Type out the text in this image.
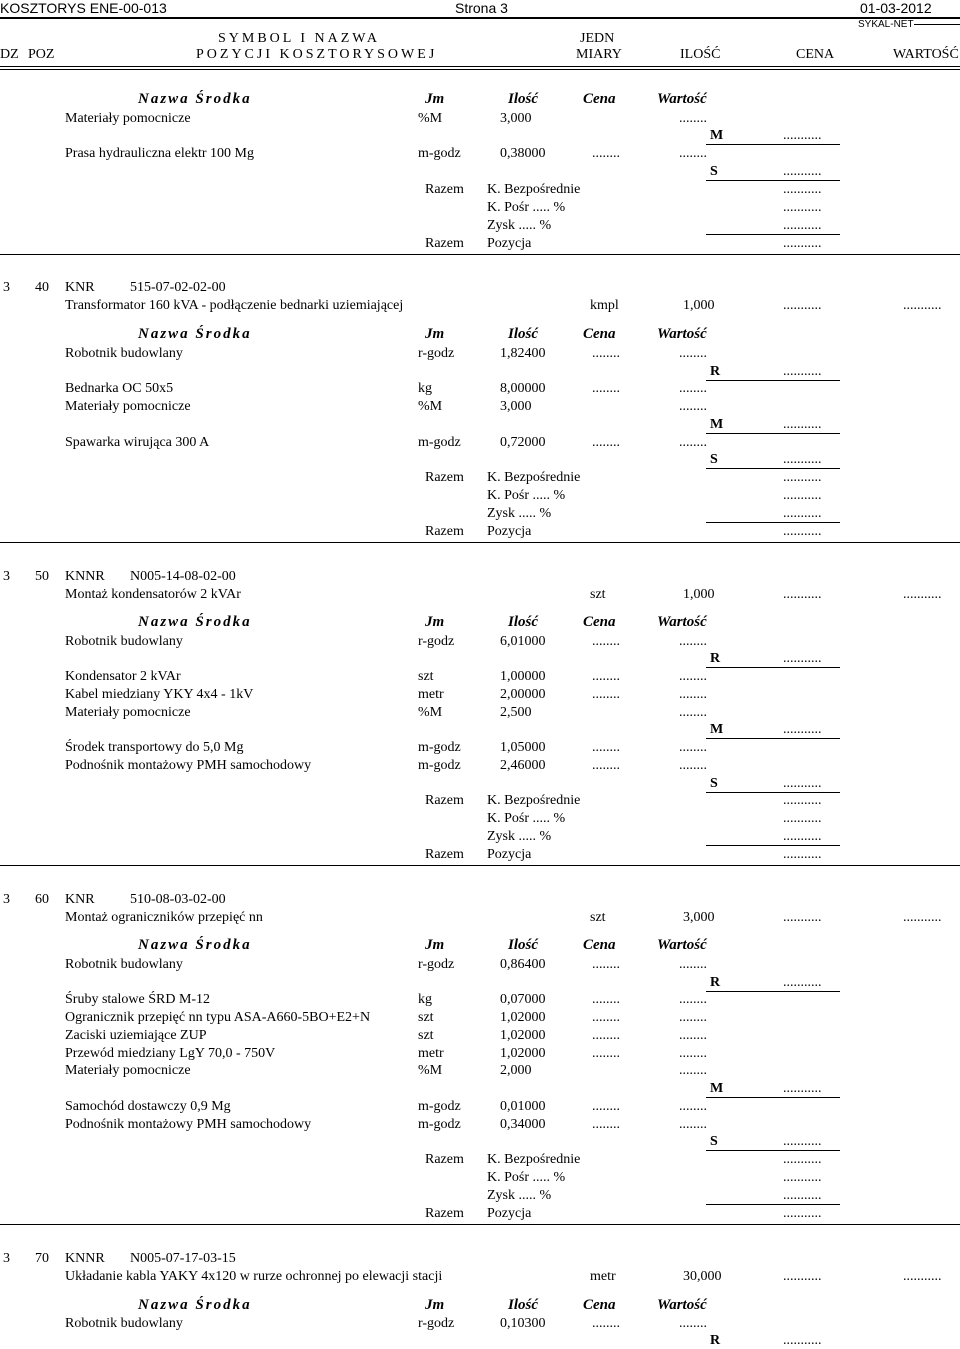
KOSZTORYS ENE-00-013	Strona 3	01-03-2012
SYKAL-NET
SYMBOL I NAZWA	JEDN
DZ POZ	POZYCJI KOSZTORYSOWEJ	MIARY	ILOŚĆ	CENA	WARTOŚĆ
Nazwa Środka	Jm	Ilość	Cena	Wartość
Materiały pomocnicze	%M	3,000	........
M	...........
Prasa hydrauliczna elektr 100 Mg	m-godz	0,38000	........	........
S	...........
Razem K. Bezpośrednie	...........
K. Pośr ..... %	...........
Zysk ..... %	...........
Razem Pozycja	...........
3 40 KNR	515-07-02-02-00
Transformator 160 kVA - podłączenie bednarki uziemiającej	kmpl	1,000	...........	...........
Nazwa Środka	Jm	Ilość	Cena	Wartość
Robotnik budowlany	r-godz	1,82400	........	........
R	...........
Bednarka OC 50x5	kg	8,00000	........	........
Materiały pomocnicze	%M	3,000	........
M	...........
Spawarka wirująca 300 A	m-godz	0,72000	........	........
S	...........
Razem K. Bezpośrednie	...........
K. Pośr ..... %	...........
Zysk ..... %	...........
Razem Pozycja	...........
3 50 KNNR N005-14-08-02-00
Montaż kondensatorów 2 kVAr	szt	1,000	...........	...........
Nazwa Środka	Jm	Ilość	Cena	Wartość
Robotnik budowlany	r-godz	6,01000	........	........
R	...........
Kondensator 2 kVAr	szt	1,00000	........	........
Kabel miedziany YKY 4x4 - 1kV	metr	2,00000	........	........
Materiały pomocnicze	%M	2,500	........
M	...........
Środek transportowy do 5,0 Mg	m-godz	1,05000	........	........
Podnośnik montażowy PMH samochodowy	m-godz	2,46000	........	........
S	...........
Razem K. Bezpośrednie	...........
K. Pośr ..... %	...........
Zysk ..... %	...........
Razem Pozycja	...........
3 60 KNR	510-08-03-02-00
Montaż ograniczników przepięć nn	szt	3,000	...........	...........
Nazwa Środka	Jm	Ilość	Cena	Wartość
Robotnik budowlany	r-godz	0,86400	........	........
R	...........
Śruby stalowe ŚRD M-12	kg	0,07000	........	........
Ogranicznik przepięć nn typu ASA-A660-5BO+E2+N	szt	1,02000	........	........
Zaciski uziemiające ZUP	szt	1,02000	........	........
Przewód miedziany LgY 70,0 - 750V	metr	1,02000	........	........
Materiały pomocnicze	%M	2,000	........
M	...........
Samochód dostawczy 0,9 Mg	m-godz	0,01000	........	........
Podnośnik montażowy PMH samochodowy	m-godz	0,34000	........	........
S	...........
Razem K. Bezpośrednie	...........
K. Pośr ..... %	...........
Zysk ..... %	...........
Razem Pozycja	...........
3 70 KNNR N005-07-17-03-15
Układanie kabla YAKY 4x120 w rurze ochronnej po elewacji stacji	metr	30,000	...........	...........
Nazwa Środka	Jm	Ilość	Cena	Wartość
Robotnik budowlany	r-godz	0,10300	........	........
R	...........
